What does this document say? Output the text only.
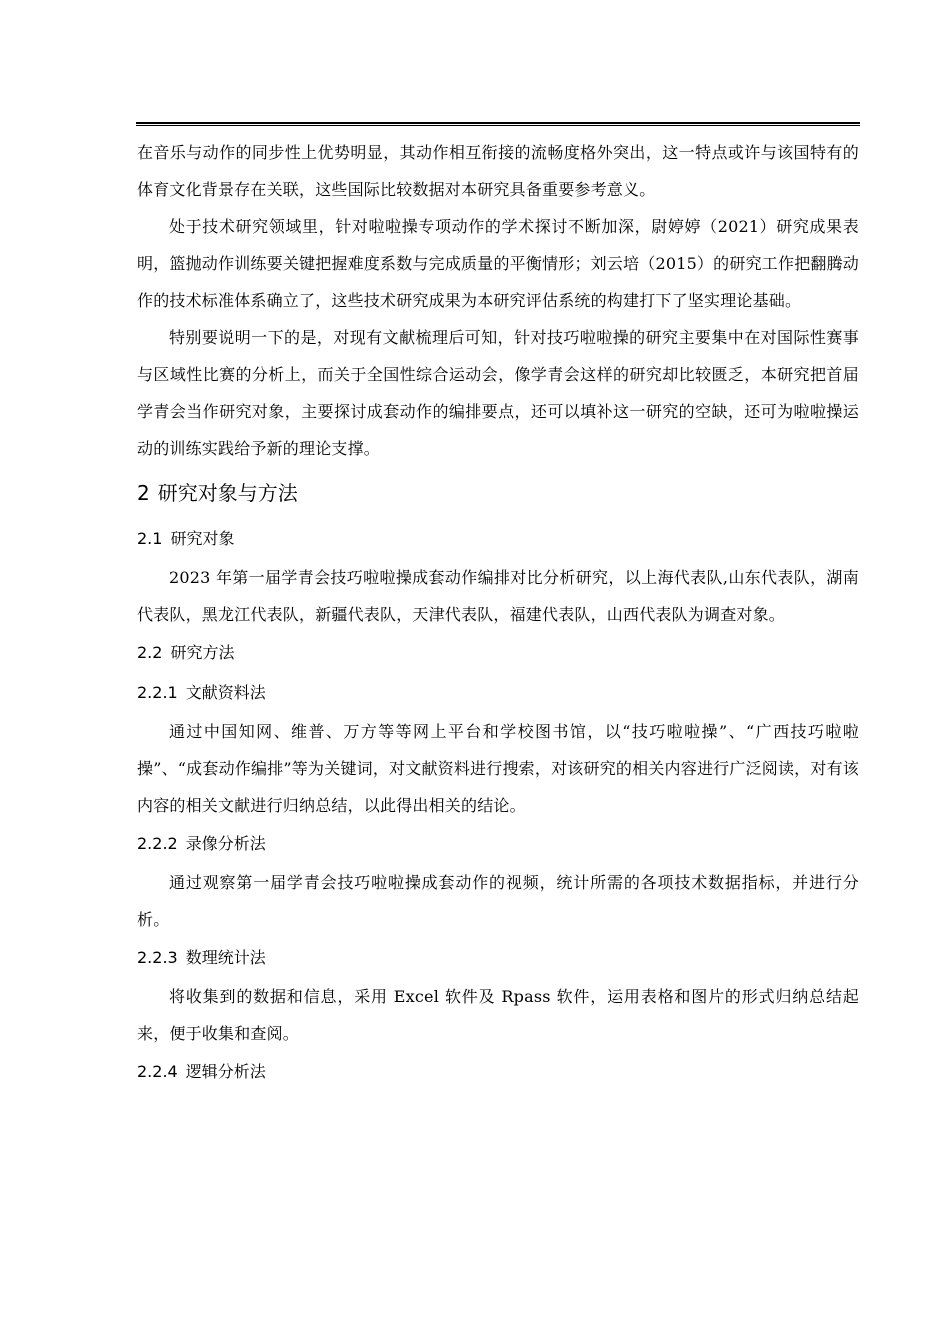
在音乐与动作的同步性上优势明显，其动作相互衔接的流畅度格外突出，这一特点或许与该国特有的体育文化背景存在关联，这些国际比较数据对本研究具备重要参考意义。

处于技术研究领域里，针对啦啦操专项动作的学术探讨不断加深，尉婷婷（2021）研究成果表明，篮抛动作训练要关键把握难度系数与完成质量的平衡情形；刘云培（2015）的研究工作把翻腾动作的技术标准体系确立了，这些技术研究成果为本研究评估系统的构建打下了坚实理论基础。

特别要说明一下的是，对现有文献梳理后可知，针对技巧啦啦操的研究主要集中在对国际性赛事与区域性比赛的分析上，而关于全国性综合运动会，像学青会这样的研究却比较匮乏，本研究把首届学青会当作研究对象，主要探讨成套动作的编排要点，还可以填补这一研究的空缺，还可为啦啦操运动的训练实践给予新的理论支撑。

2 研究对象与方法
2.1 研究对象

2023 年第一届学青会技巧啦啦操成套动作编排对比分析研究，以上海代表队,山东代表队，湖南代表队，黑龙江代表队，新疆代表队，天津代表队，福建代表队，山西代表队为调查对象。

2.2 研究方法
2.2.1 文献资料法

通过中国知网、维普、万方等等网上平台和学校图书馆，以“技巧啦啦操”、“广西技巧啦啦操”、“成套动作编排”等为关键词，对文献资料进行搜索，对该研究的相关内容进行广泛阅读，对有该内容的相关文献进行归纳总结，以此得出相关的结论。

2.2.2 录像分析法

通过观察第一届学青会技巧啦啦操成套动作的视频，统计所需的各项技术数据指标，并进行分析。

2.2.3 数理统计法

将收集到的数据和信息，采用 Excel 软件及 Rpass 软件，运用表格和图片的形式归纳总结起来，便于收集和查阅。

2.2.4 逻辑分析法
